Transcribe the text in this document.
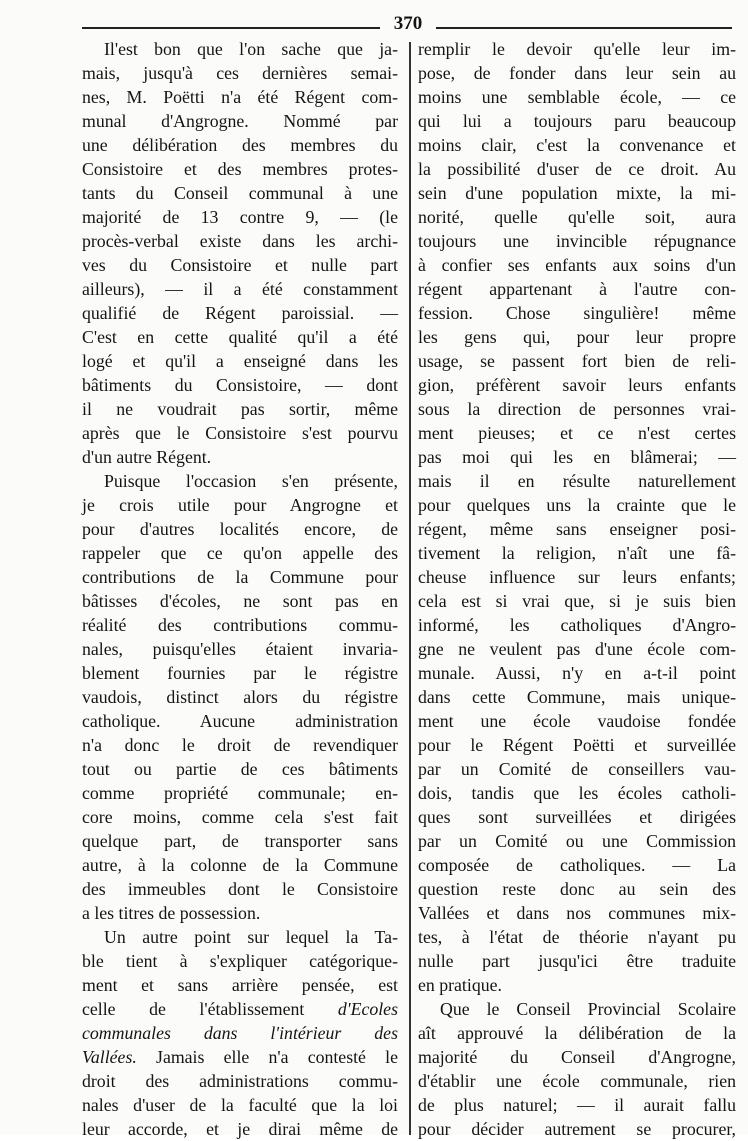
370
Il'est bon que l'on sache que ja-
mais, jusqu'à ces dernières semai-
nes, M. Poëtti n'a été Régent com-
munal d'Angrogne. Nommé par
une délibération des membres du
Consistoire et des membres protes-
tants du Conseil communal à une
majorité de 13 contre 9, — (le
procès-verbal existe dans les archi-
ves du Consistoire et nulle part
ailleurs), — il a été constamment
qualifié de Régent paroissial. —
C'est en cette qualité qu'il a été
logé et qu'il a enseigné dans les
bâtiments du Consistoire, — dont
il ne voudrait pas sortir, même
après que le Consistoire s'est pourvu
d'un autre Régent.
Puisque l'occasion s'en présente,
je crois utile pour Angrogne et
pour d'autres localités encore, de
rappeler que ce qu'on appelle des
contributions de la Commune pour
bâtisses d'écoles, ne sont pas en
réalité des contributions commu-
nales, puisqu'elles étaient invaria-
blement fournies par le régistre
vaudois, distinct alors du régistre
catholique. Aucune administration
n'a donc le droit de revendiquer
tout ou partie de ces bâtiments
comme propriété communale; en-
core moins, comme cela s'est fait
quelque part, de transporter sans
autre, à la colonne de la Commune
des immeubles dont le Consistoire
a les titres de possession.
Un autre point sur lequel la Ta-
ble tient à s'expliquer catégorique-
ment et sans arrière pensée, est
celle de l'établissement d'Ecoles
communales dans l'intérieur des
Vallées. Jamais elle n'a contesté le
droit des administrations commu-
nales d'user de la faculté que la loi
leur accorde, et je dirai même de
remplir le devoir qu'elle leur im-
pose, de fonder dans leur sein au
moins une semblable école, — ce
qui lui a toujours paru beaucoup
moins clair, c'est la convenance et
la possibilité d'user de ce droit. Au
sein d'une population mixte, la mi-
norité, quelle qu'elle soit, aura
toujours une invincible répugnance
à confier ses enfants aux soins d'un
régent appartenant à l'autre con-
fession. Chose singulière! même
les gens qui, pour leur propre
usage, se passent fort bien de reli-
gion, préfèrent savoir leurs enfants
sous la direction de personnes vrai-
ment pieuses; et ce n'est certes
pas moi qui les en blâmerai; —
mais il en résulte naturellement
pour quelques uns la crainte que le
régent, même sans enseigner posi-
tivement la religion, n'aît une fâ-
cheuse influence sur leurs enfants;
cela est si vrai que, si je suis bien
informé, les catholiques d'Angro-
gne ne veulent pas d'une école com-
munale. Aussi, n'y en a-t-il point
dans cette Commune, mais unique-
ment une école vaudoise fondée
pour le Régent Poëtti et surveillée
par un Comité de conseillers vau-
dois, tandis que les écoles catholi-
ques sont surveillées et dirigées
par un Comité ou une Commission
composée de catholiques. — La
question reste donc au sein des
Vallées et dans nos communes mix-
tes, à l'état de théorie n'ayant pu
nulle part jusqu'ici être traduite
en pratique.
Que le Conseil Provincial Scolaire
aît approuvé la délibération de la
majorité du Conseil d'Angrogne,
d'établir une école communale, rien
de plus naturel; — il aurait fallu
pour décider autrement se procurer,
